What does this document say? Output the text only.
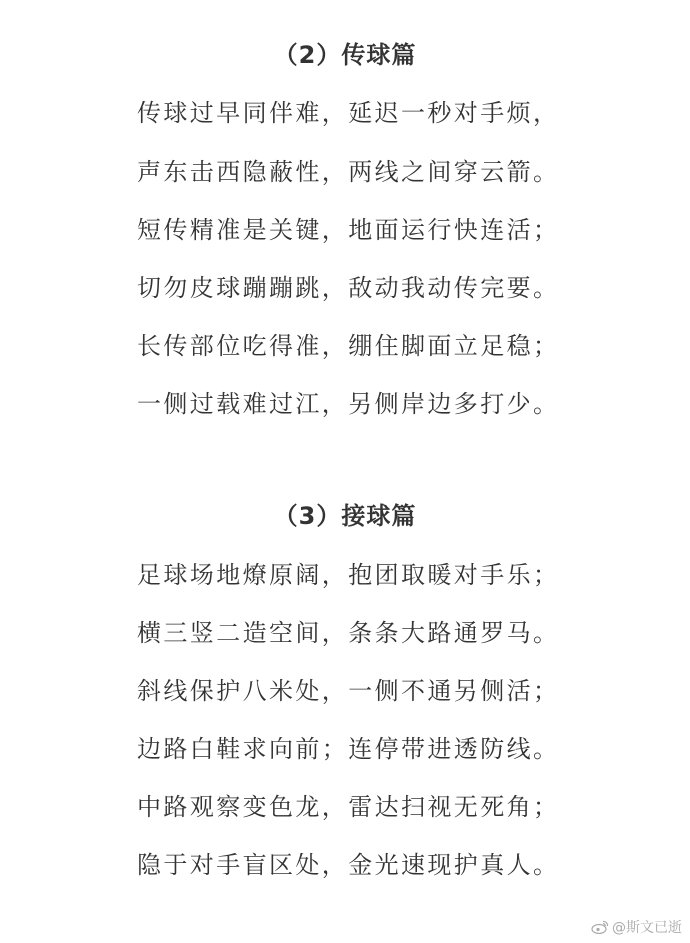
（2）传球篇
传球过早同伴难，延迟一秒对手烦，
声东击西隐蔽性，两线之间穿云箭。
短传精准是关键，地面运行快连活；
切勿皮球蹦蹦跳，敌动我动传完要。
长传部位吃得准，绷住脚面立足稳；
一侧过载难过江，另侧岸边多打少。
（3）接球篇
足球场地燎原阔，抱团取暖对手乐；
横三竖二造空间，条条大路通罗马。
斜线保护八米处，一侧不通另侧活；
边路白鞋求向前；连停带进透防线。
中路观察变色龙，雷达扫视无死角；
隐于对手盲区处，金光速现护真人。
@斯文已逝
